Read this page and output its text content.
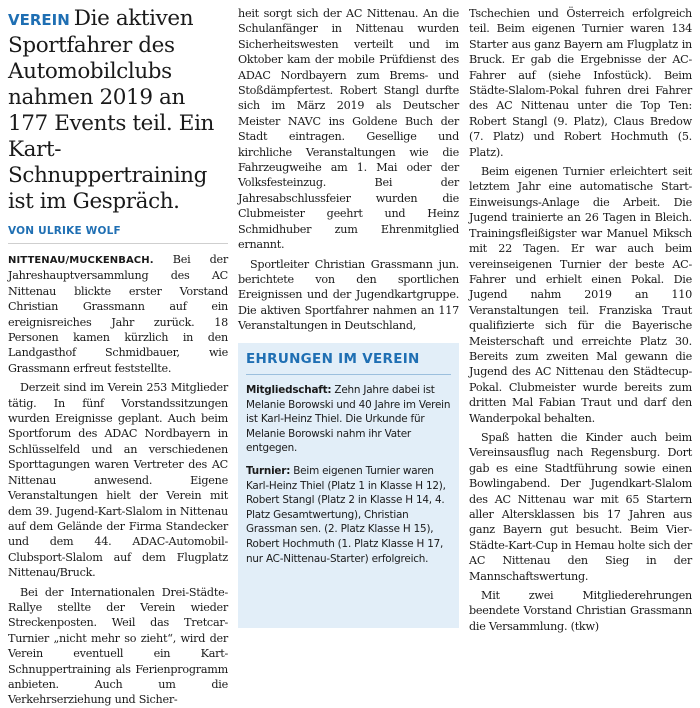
VEREIN Die aktiven Sportfahrer des Automobilclubs nahmen 2019 an 177 Events teil. Ein Kart-Schnuppertraining ist im Gespräch.
VON ULRIKE WOLF

NITTENAU/MUCKENBACH. Bei der Jahreshauptversammlung des AC Nittenau blickte erster Vorstand Christian Grassmann auf ein ereignisreiches Jahr zurück. 18 Personen kamen kürzlich in den Landgasthof Schmidbauer, wie Grassmann erfreut feststellte.

Derzeit sind im Verein 253 Mitglieder tätig. In fünf Vorstandssitzungen wurden Ereignisse geplant. Auch beim Sportforum des ADAC Nordbayern in Schlüsselfeld und an verschiedenen Sporttagungen waren Vertreter des AC Nittenau anwesend. Eigene Veranstaltungen hielt der Verein mit dem 39. Jugend-Kart-Slalom in Nittenau auf dem Gelände der Firma Standecker und dem 44. ADAC-Automobil-Clubsport-Slalom auf dem Flugplatz Nittenau/Bruck.

Bei der Internationalen Drei-Städte-Rallye stellte der Verein wieder Streckenposten. Weil das Tretcar-Turnier „nicht mehr so zieht“, wird der Verein eventuell ein Kart-Schnuppertraining als Ferienprogramm anbieten. Auch um die Verkehrserziehung und Sicher-

heit sorgt sich der AC Nittenau. An die Schulanfänger in Nittenau wurden Sicherheitswesten verteilt und im Oktober kam der mobile Prüfdienst des ADAC Nordbayern zum Brems- und Stoßdämpfertest. Robert Stangl durfte sich im März 2019 als Deutscher Meister NAVC ins Goldene Buch der Stadt eintragen. Gesellige und kirchliche Veranstaltungen wie die Fahrzeugweihe am 1. Mai oder der Volksfesteinzug. Bei der Jahresabschlussfeier wurden die Clubmeister geehrt und Heinz Schmidhuber zum Ehrenmitglied ernannt.

Sportleiter Christian Grassmann jun. berichtete von den sportlichen Ereignissen und der Jugendkartgruppe. Die aktiven Sportfahrer nahmen an 117 Veranstaltungen in Deutschland,

Tschechien und Österreich erfolgreich teil. Beim eigenen Turnier waren 134 Starter aus ganz Bayern am Flugplatz in Bruck. Er gab die Ergebnisse der AC-Fahrer auf (siehe Infostück). Beim Städte-Slalom-Pokal fuhren drei Fahrer des AC Nittenau unter die Top Ten: Robert Stangl (9. Platz), Claus Bredow (7. Platz) und Robert Hochmuth (5. Platz).

Beim eigenen Turnier erleichtert seit letztem Jahr eine automatische Start-Einweisungs-Anlage die Arbeit. Die Jugend trainierte an 26 Tagen in Bleich. Trainingsfleißigster war Manuel Miksch mit 22 Tagen. Er war auch beim vereinseigenen Turnier der beste AC-Fahrer und erhielt einen Pokal. Die Jugend nahm 2019 an 110 Veranstaltungen teil. Franziska Traut qualifizierte sich für die Bayerische Meisterschaft und erreichte Platz 30. Bereits zum zweiten Mal gewann die Jugend des AC Nittenau den Städtecup-Pokal. Clubmeister wurde bereits zum dritten Mal Fabian Traut und darf den Wanderpokal behalten.

Spaß hatten die Kinder auch beim Vereinsausflug nach Regensburg. Dort gab es eine Stadtführung sowie einen Bowlingabend. Der Jugendkart-Slalom des AC Nittenau war mit 65 Startern aller Altersklassen bis 17 Jahren aus ganz Bayern gut besucht. Beim Vier-Städte-Kart-Cup in Hemau holte sich der AC Nittenau den Sieg in der Mannschaftswertung.

Mit zwei Mitgliederehrungen beendete Vorstand Christian Grassmann die Versammlung. (tkw)

EHRUNGEN IM VEREIN

Mitgliedschaft: Zehn Jahre dabei ist Melanie Borowski und 40 Jahre im Verein ist Karl-Heinz Thiel. Die Urkunde für Melanie Borowski nahm ihr Vater entgegen.

Turnier: Beim eigenen Turnier waren Karl-Heinz Thiel (Platz 1 in Klasse H 12), Robert Stangl (Platz 2 in Klasse H 14, 4. Platz Gesamtwertung), Christian Grassman sen. (2. Platz Klasse H 15), Robert Hochmuth (1. Platz Klasse H 17, nur AC-Nittenau-Starter) erfolgreich.
